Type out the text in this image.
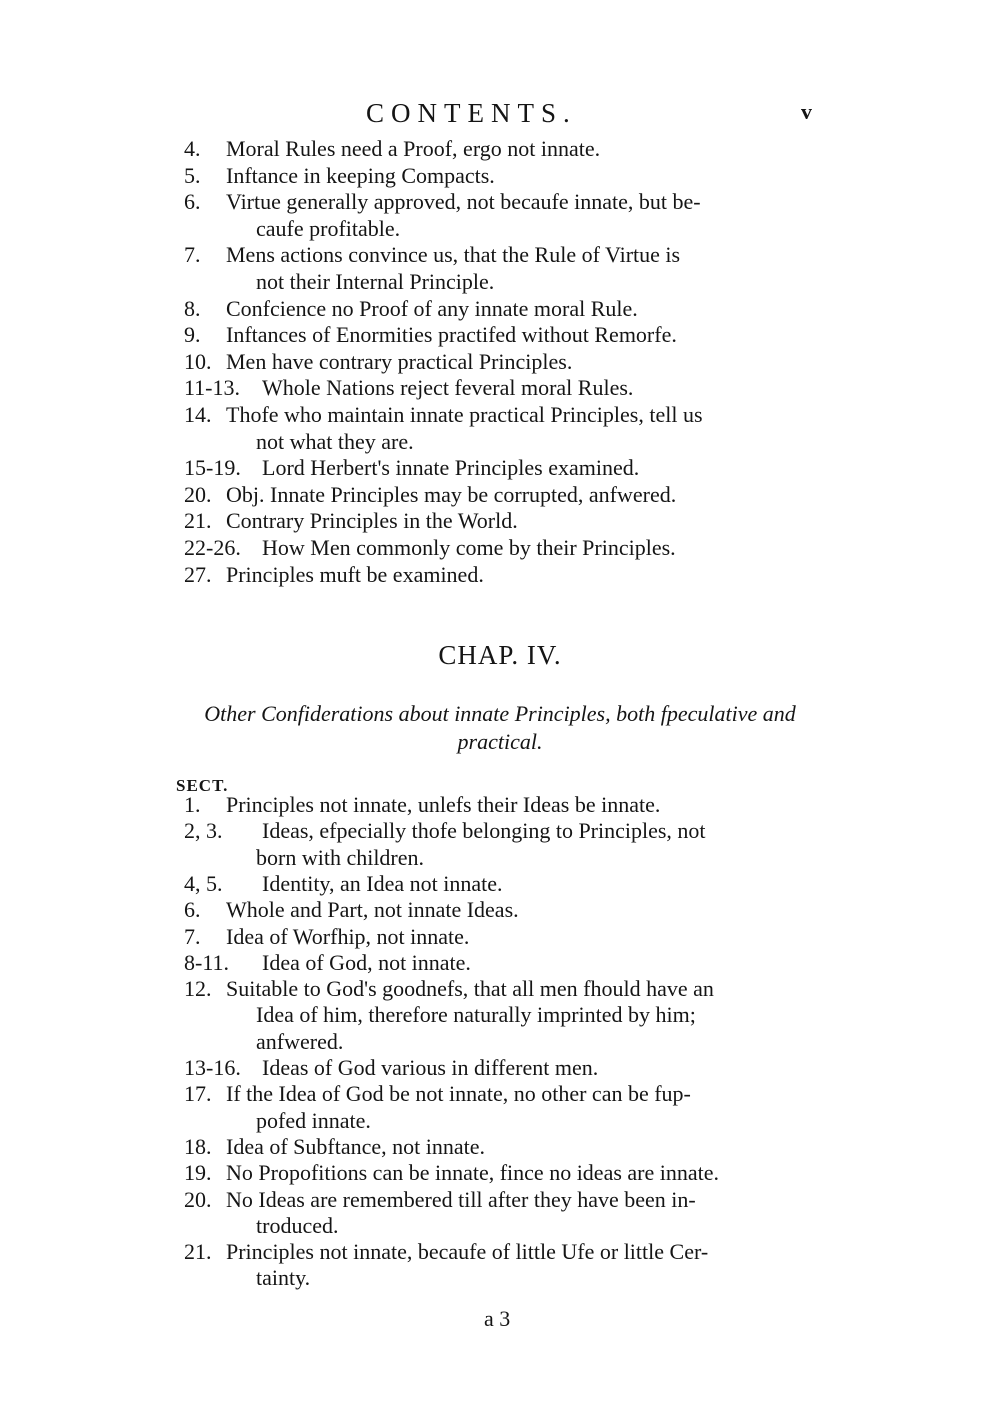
CONTENTS.	v
4. Moral Rules need a Proof, ergo not innate.
5. Inftance in keeping Compacts.
6. Virtue generally approved, not becaufe innate, but be-
caufe profitable.
7. Mens actions convince us, that the Rule of Virtue is
not their Internal Principle.
8. Confcience no Proof of any innate moral Rule.
9. Inftances of Enormities practifed without Remorfe.
10. Men have contrary practical Principles.
11-13. Whole Nations reject feveral moral Rules.
14. Thofe who maintain innate practical Principles, tell us
not what they are.
15-19. Lord Herbert's innate Principles examined.
20. Obj. Innate Principles may be corrupted, anfwered.
21. Contrary Principles in the World.
22-26. How Men commonly come by their Principles.
27. Principles muft be examined.
CHAP. IV.
Other Confiderations about innate Principles, both fpeculative and practical.
SECT.
1. Principles not innate, unlefs their Ideas be innate.
2, 3. Ideas, efpecially thofe belonging to Principles, not
born with children.
4, 5. Identity, an Idea not innate.
6. Whole and Part, not innate Ideas.
7. Idea of Worfhip, not innate.
8-11. Idea of God, not innate.
12. Suitable to God's goodnefs, that all men fhould have an
Idea of him, therefore naturally imprinted by him;
anfwered.
13-16. Ideas of God various in different men.
17. If the Idea of God be not innate, no other can be fup-
pofed innate.
18. Idea of Subftance, not innate.
19. No Propofitions can be innate, fince no ideas are innate.
20. No Ideas are remembered till after they have been in-
troduced.
21. Principles not innate, becaufe of little Ufe or little Cer-
tainty.
a 3
